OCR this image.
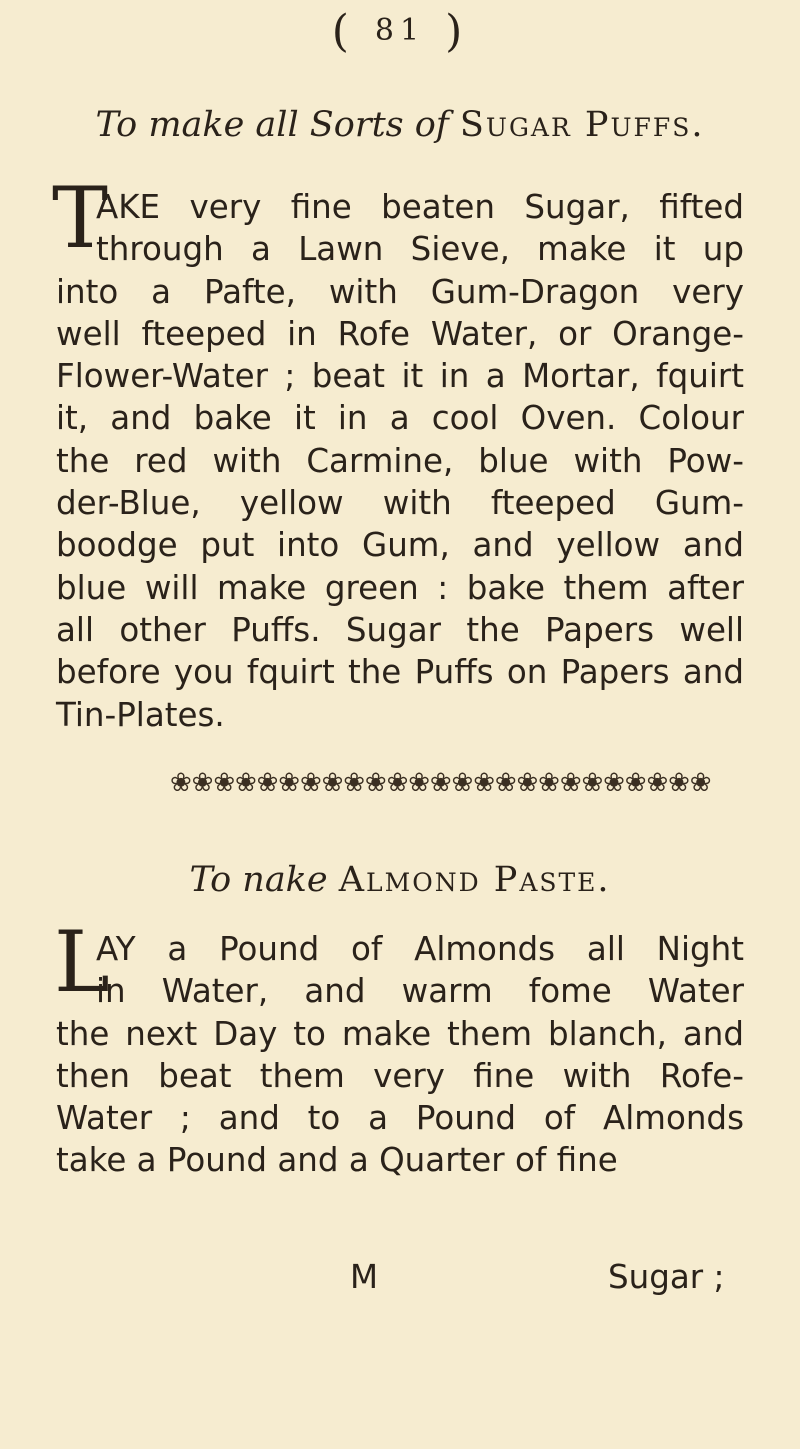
( 81 )
To make all Sorts of Sugar Puffs.
T
AKE very fine beaten Sugar, fifted
through a Lawn Sieve, make it up
into a Pafte, with Gum-Dragon very
well fteeped in Rofe Water, or Orange-
Flower-Water ; beat it in a Mortar, fquirt
it, and bake it in a cool Oven. Colour
the red with Carmine, blue with Pow-
der-Blue, yellow with fteeped Gum-
boodge put into Gum, and yellow and
blue will make green : bake them after
all other Puffs. Sugar the Papers well
before you fquirt the Puffs on Papers and
Tin-Plates.
❀ ❀ ❀ ❀ ❀ ❀ ❀ ❀ ❀ ❀ ❀ ❀ ❀ ❀ ❀ ❀ ❀ ❀ ❀ ❀ ❀ ❀ ❀ ❀ ❀
To nake Almond Paste.
L
AY a Pound of Almonds all Night
in Water, and warm fome Water
the next Day to make them blanch, and
then beat them very fine with Rofe-
Water ; and to a Pound of Almonds
take a Pound and a Quarter of fine
M	Sugar ;
